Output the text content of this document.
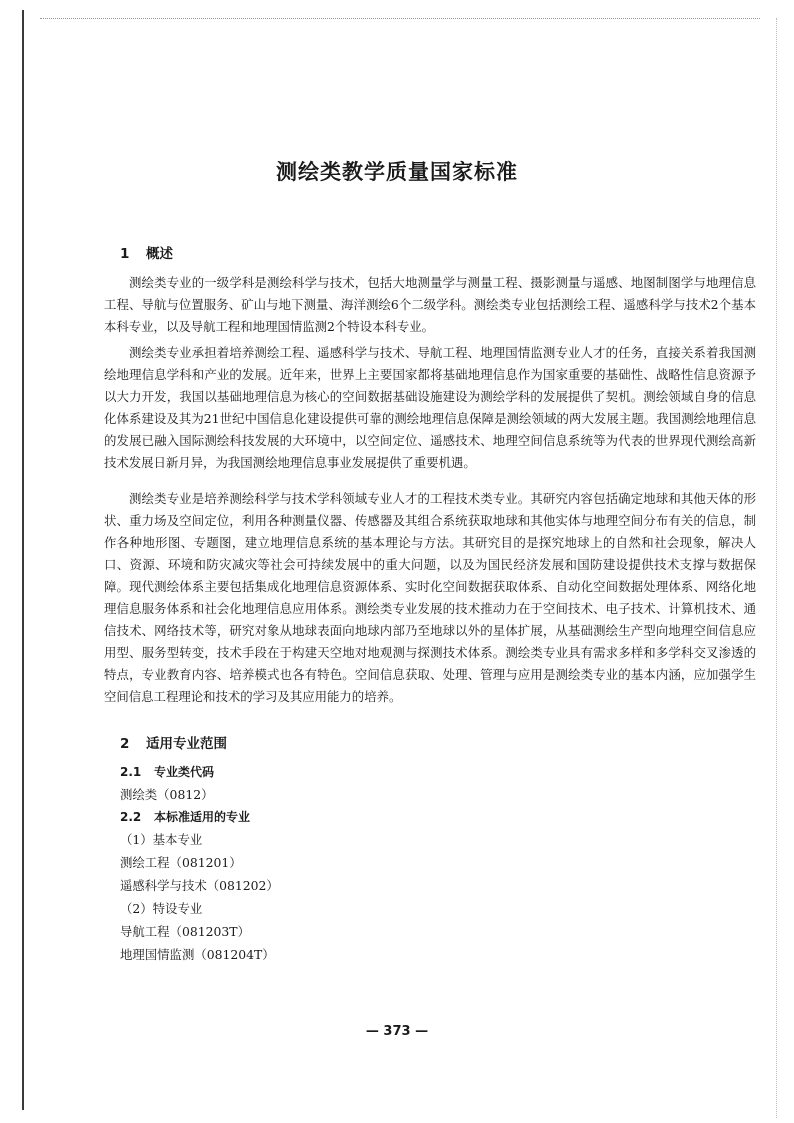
测绘类教学质量国家标准
1 概述

测绘类专业的一级学科是测绘科学与技术，包括大地测量学与测量工程、摄影测量与遥感、地图制图学与地理信息工程、导航与位置服务、矿山与地下测量、海洋测绘6个二级学科。测绘类专业包括测绘工程、遥感科学与技术2个基本本科专业，以及导航工程和地理国情监测2个特设本科专业。

测绘类专业承担着培养测绘工程、遥感科学与技术、导航工程、地理国情监测专业人才的任务，直接关系着我国测绘地理信息学科和产业的发展。近年来，世界上主要国家都将基础地理信息作为国家重要的基础性、战略性信息资源予以大力开发，我国以基础地理信息为核心的空间数据基础设施建设为测绘学科的发展提供了契机。测绘领域自身的信息化体系建设及其为21世纪中国信息化建设提供可靠的测绘地理信息保障是测绘领域的两大发展主题。我国测绘地理信息的发展已融入国际测绘科技发展的大环境中，以空间定位、遥感技术、地理空间信息系统等为代表的世界现代测绘高新技术发展日新月异，为我国测绘地理信息事业发展提供了重要机遇。

测绘类专业是培养测绘科学与技术学科领域专业人才的工程技术类专业。其研究内容包括确定地球和其他天体的形状、重力场及空间定位，利用各种测量仪器、传感器及其组合系统获取地球和其他实体与地理空间分布有关的信息，制作各种地形图、专题图，建立地理信息系统的基本理论与方法。其研究目的是探究地球上的自然和社会现象，解决人口、资源、环境和防灾减灾等社会可持续发展中的重大问题，以及为国民经济发展和国防建设提供技术支撑与数据保障。现代测绘体系主要包括集成化地理信息资源体系、实时化空间数据获取体系、自动化空间数据处理体系、网络化地理信息服务体系和社会化地理信息应用体系。测绘类专业发展的技术推动力在于空间技术、电子技术、计算机技术、通信技术、网络技术等，研究对象从地球表面向地球内部乃至地球以外的星体扩展，从基础测绘生产型向地理空间信息应用型、服务型转变，技术手段在于构建天空地对地观测与探测技术体系。测绘类专业具有需求多样和多学科交叉渗透的特点，专业教育内容、培养模式也各有特色。空间信息获取、处理、管理与应用是测绘类专业的基本内涵，应加强学生空间信息工程理论和技术的学习及其应用能力的培养。

2 适用专业范围
2.1 专业类代码
测绘类（0812）
2.2 本标准适用的专业
（1）基本专业
测绘工程（081201）
遥感科学与技术（081202）
（2）特设专业
导航工程（081203T）
地理国情监测（081204T）
— 373 —
